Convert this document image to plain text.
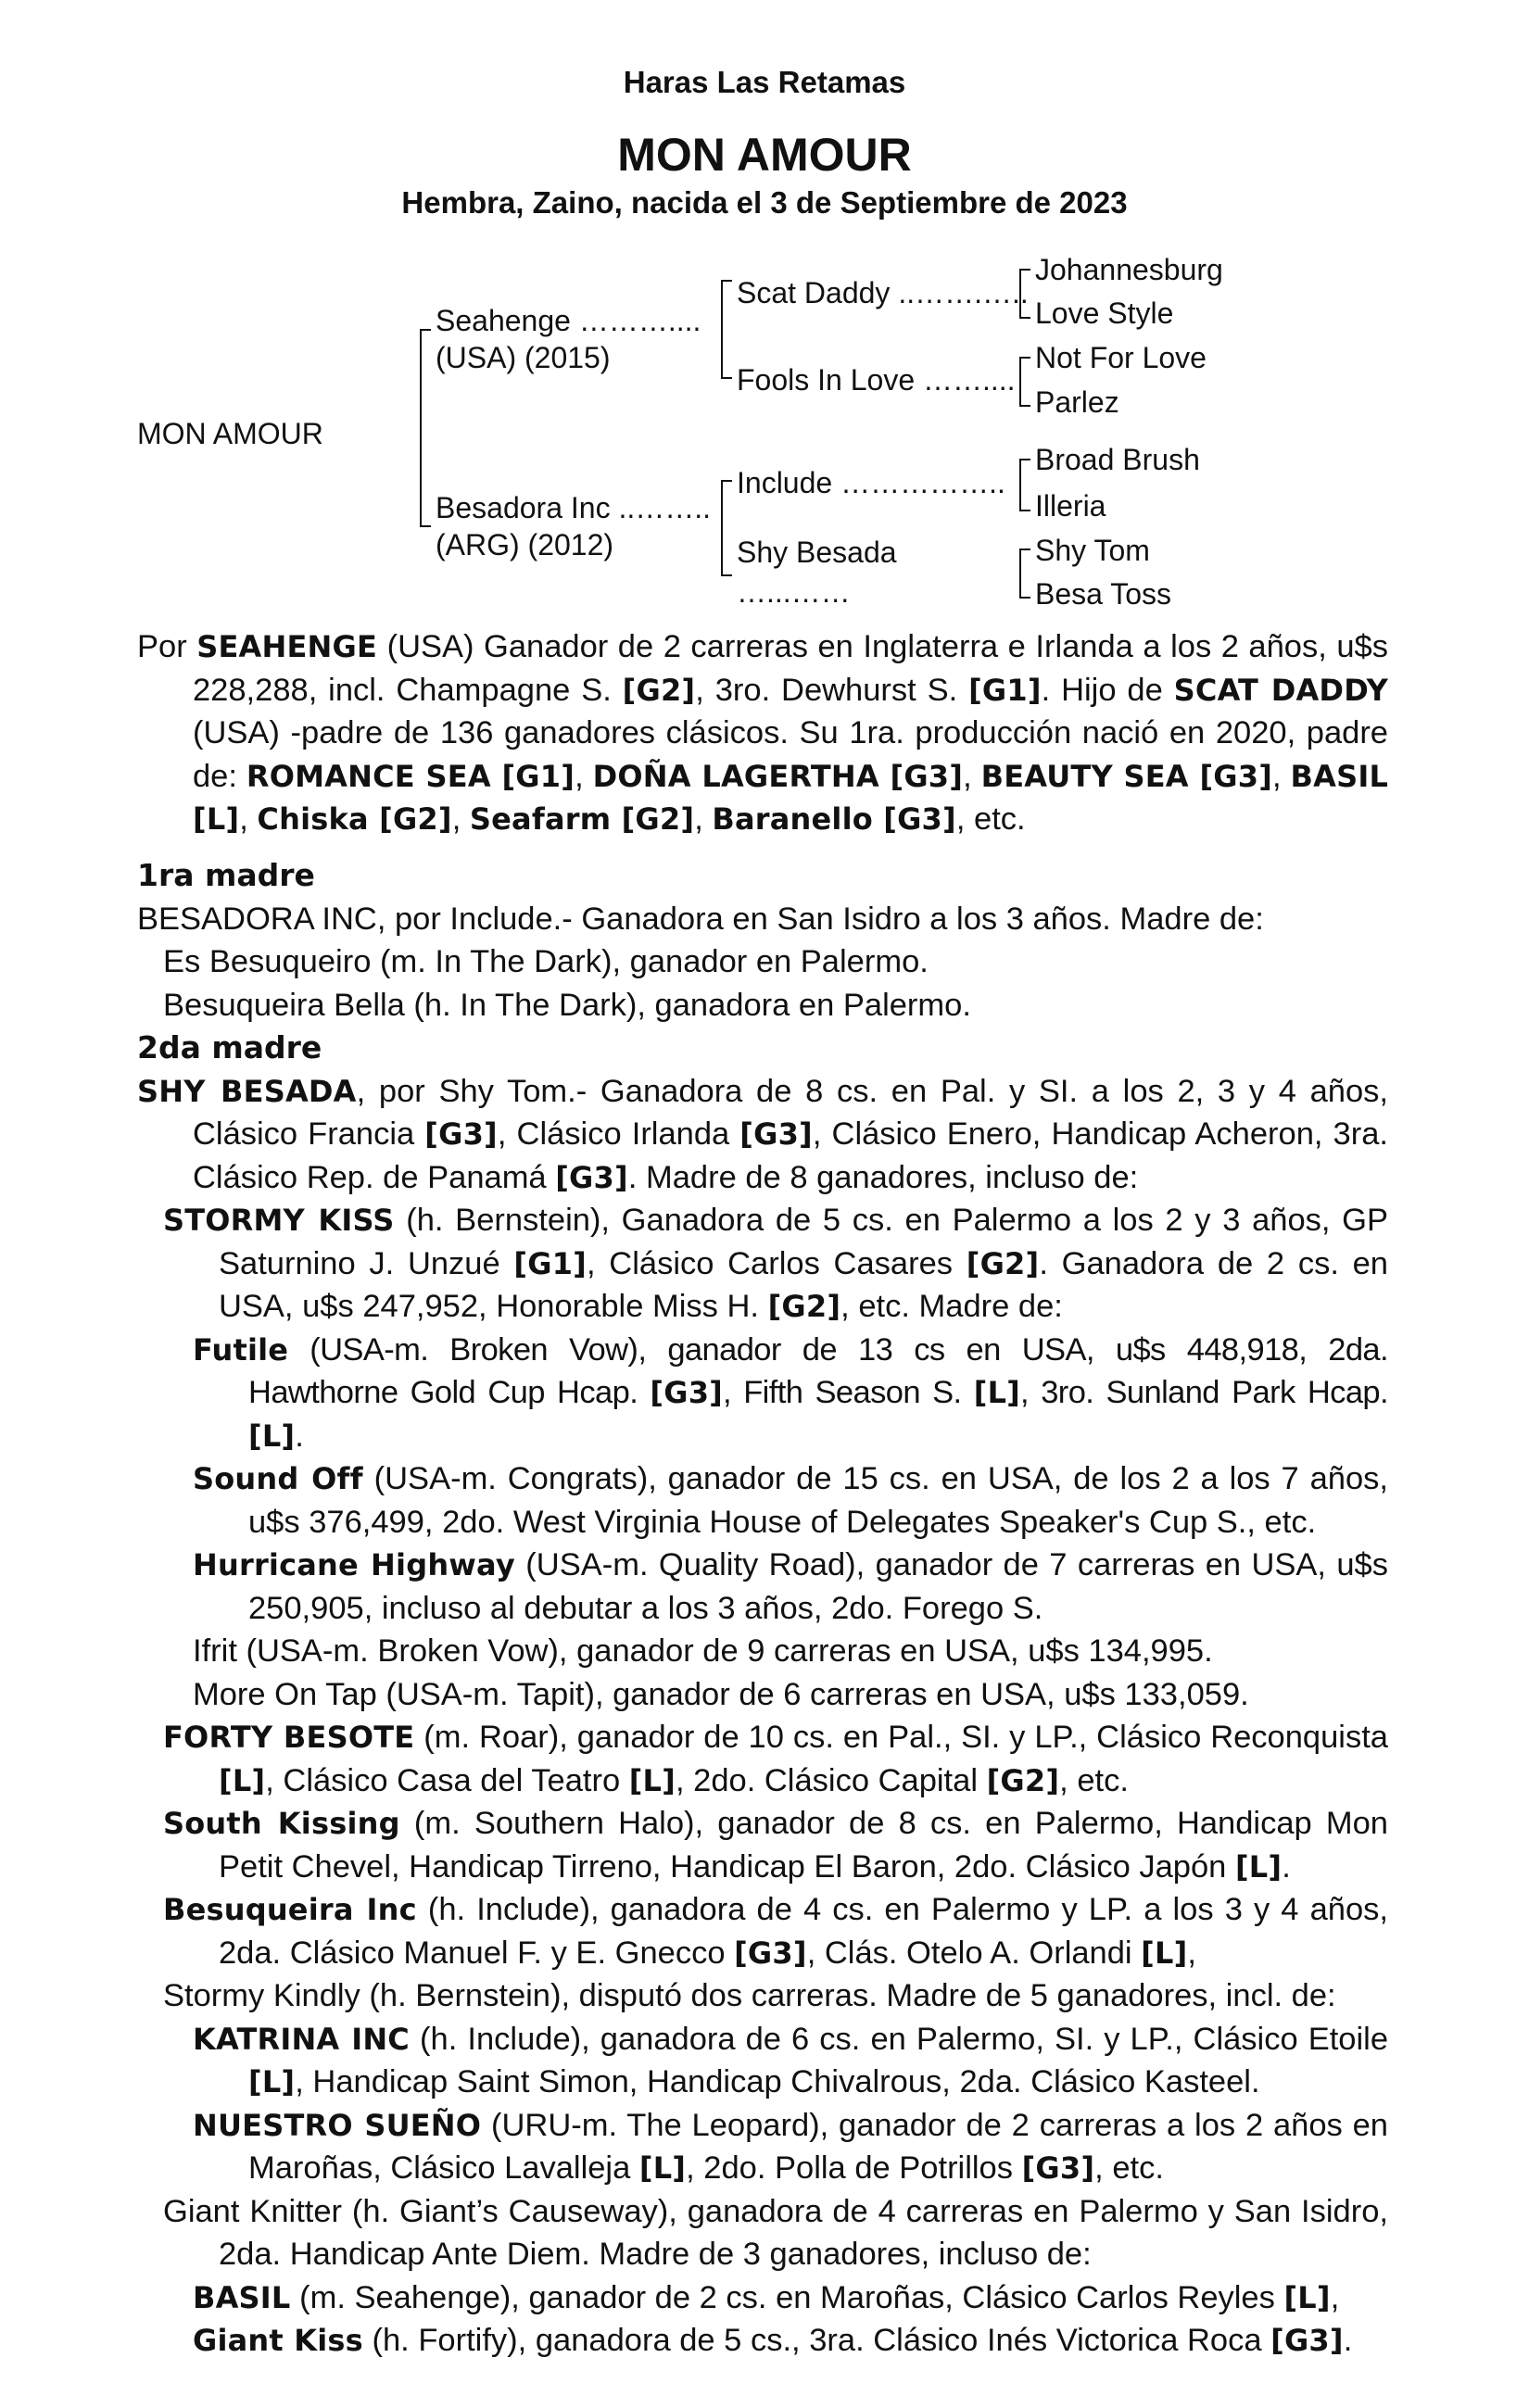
Haras Las Retamas
MON AMOUR
Hembra, Zaino, nacida el 3 de Septiembre de 2023
MON AMOUR
Seahenge ………....
(USA) (2015)
Besadora Inc ..……..
(ARG) (2012)
Scat Daddy ..…….…..
Fools In Love ……....
Include ……………..
Shy Besada
…...……
Johannesburg
Love Style
Not For Love
Parlez
Broad Brush
Illeria
Shy Tom
Besa Toss

Por SEAHENGE (USA) Ganador de 2 carreras en Inglaterra e Irlanda a los 2 años, u$s 228,288, incl. Champagne S. [G2], 3ro. Dewhurst S. [G1]. Hijo de SCAT DADDY (USA) -padre de 136 ganadores clásicos. Su 1ra. producción nació en 2020, padre de: ROMANCE SEA [G1], DOÑA LAGERTHA [G3], BEAUTY SEA [G3], BASIL [L], Chiska [G2], Seafarm [G2], Baranello [G3], etc.

1ra madre

BESADORA INC, por Include.- Ganadora en San Isidro a los 3 años. Madre de:

Es Besuqueiro (m. In The Dark), ganador en Palermo.

Besuqueira Bella (h. In The Dark), ganadora en Palermo.

2da madre

SHY BESADA, por Shy Tom.- Ganadora de 8 cs. en Pal. y SI. a los 2, 3 y 4 años, Clásico Francia [G3], Clásico Irlanda [G3], Clásico Enero, Handicap Acheron, 3ra. Clásico Rep. de Panamá [G3]. Madre de 8 ganadores, incluso de:

STORMY KISS (h. Bernstein), Ganadora de 5 cs. en Palermo a los 2 y 3 años, GP Saturnino J. Unzué [G1], Clásico Carlos Casares [G2]. Ganadora de 2 cs. en USA, u$s 247,952, Honorable Miss H. [G2], etc. Madre de:

Futile (USA-m. Broken Vow), ganador de 13 cs en USA, u$s 448,918, 2da. Hawthorne Gold Cup Hcap. [G3], Fifth Season S. [L], 3ro. Sunland Park Hcap. [L].

Sound Off (USA-m. Congrats), ganador de 15 cs. en USA, de los 2 a los 7 años, u$s 376,499, 2do. West Virginia House of Delegates Speaker's Cup S., etc.

Hurricane Highway (USA-m. Quality Road), ganador de 7 carreras en USA, u$s 250,905, incluso al debutar a los 3 años, 2do. Forego S.

Ifrit (USA-m. Broken Vow), ganador de 9 carreras en USA, u$s 134,995.

More On Tap (USA-m. Tapit), ganador de 6 carreras en USA, u$s 133,059.

FORTY BESOTE (m. Roar), ganador de 10 cs. en Pal., SI. y LP., Clásico Reconquista [L], Clásico Casa del Teatro [L], 2do. Clásico Capital [G2], etc.

South Kissing (m. Southern Halo), ganador de 8 cs. en Palermo, Handicap Mon Petit Chevel, Handicap Tirreno, Handicap El Baron, 2do. Clásico Japón [L].

Besuqueira Inc (h. Include), ganadora de 4 cs. en Palermo y LP. a los 3 y 4 años, 2da. Clásico Manuel F. y E. Gnecco [G3], Clás. Otelo A. Orlandi [L],

Stormy Kindly (h. Bernstein), disputó dos carreras. Madre de 5 ganadores, incl. de:

KATRINA INC (h. Include), ganadora de 6 cs. en Palermo, SI. y LP., Clásico Etoile [L], Handicap Saint Simon, Handicap Chivalrous, 2da. Clásico Kasteel.

NUESTRO SUEÑO (URU-m. The Leopard), ganador de 2 carreras a los 2 años en Maroñas, Clásico Lavalleja [L], 2do. Polla de Potrillos [G3], etc.

Giant Knitter (h. Giant’s Causeway), ganadora de 4 carreras en Palermo y San Isidro, 2da. Handicap Ante Diem. Madre de 3 ganadores, incluso de:

BASIL (m. Seahenge), ganador de 2 cs. en Maroñas, Clásico Carlos Reyles [L],

Giant Kiss (h. Fortify), ganadora de 5 cs., 3ra. Clásico Inés Victorica Roca [G3].
